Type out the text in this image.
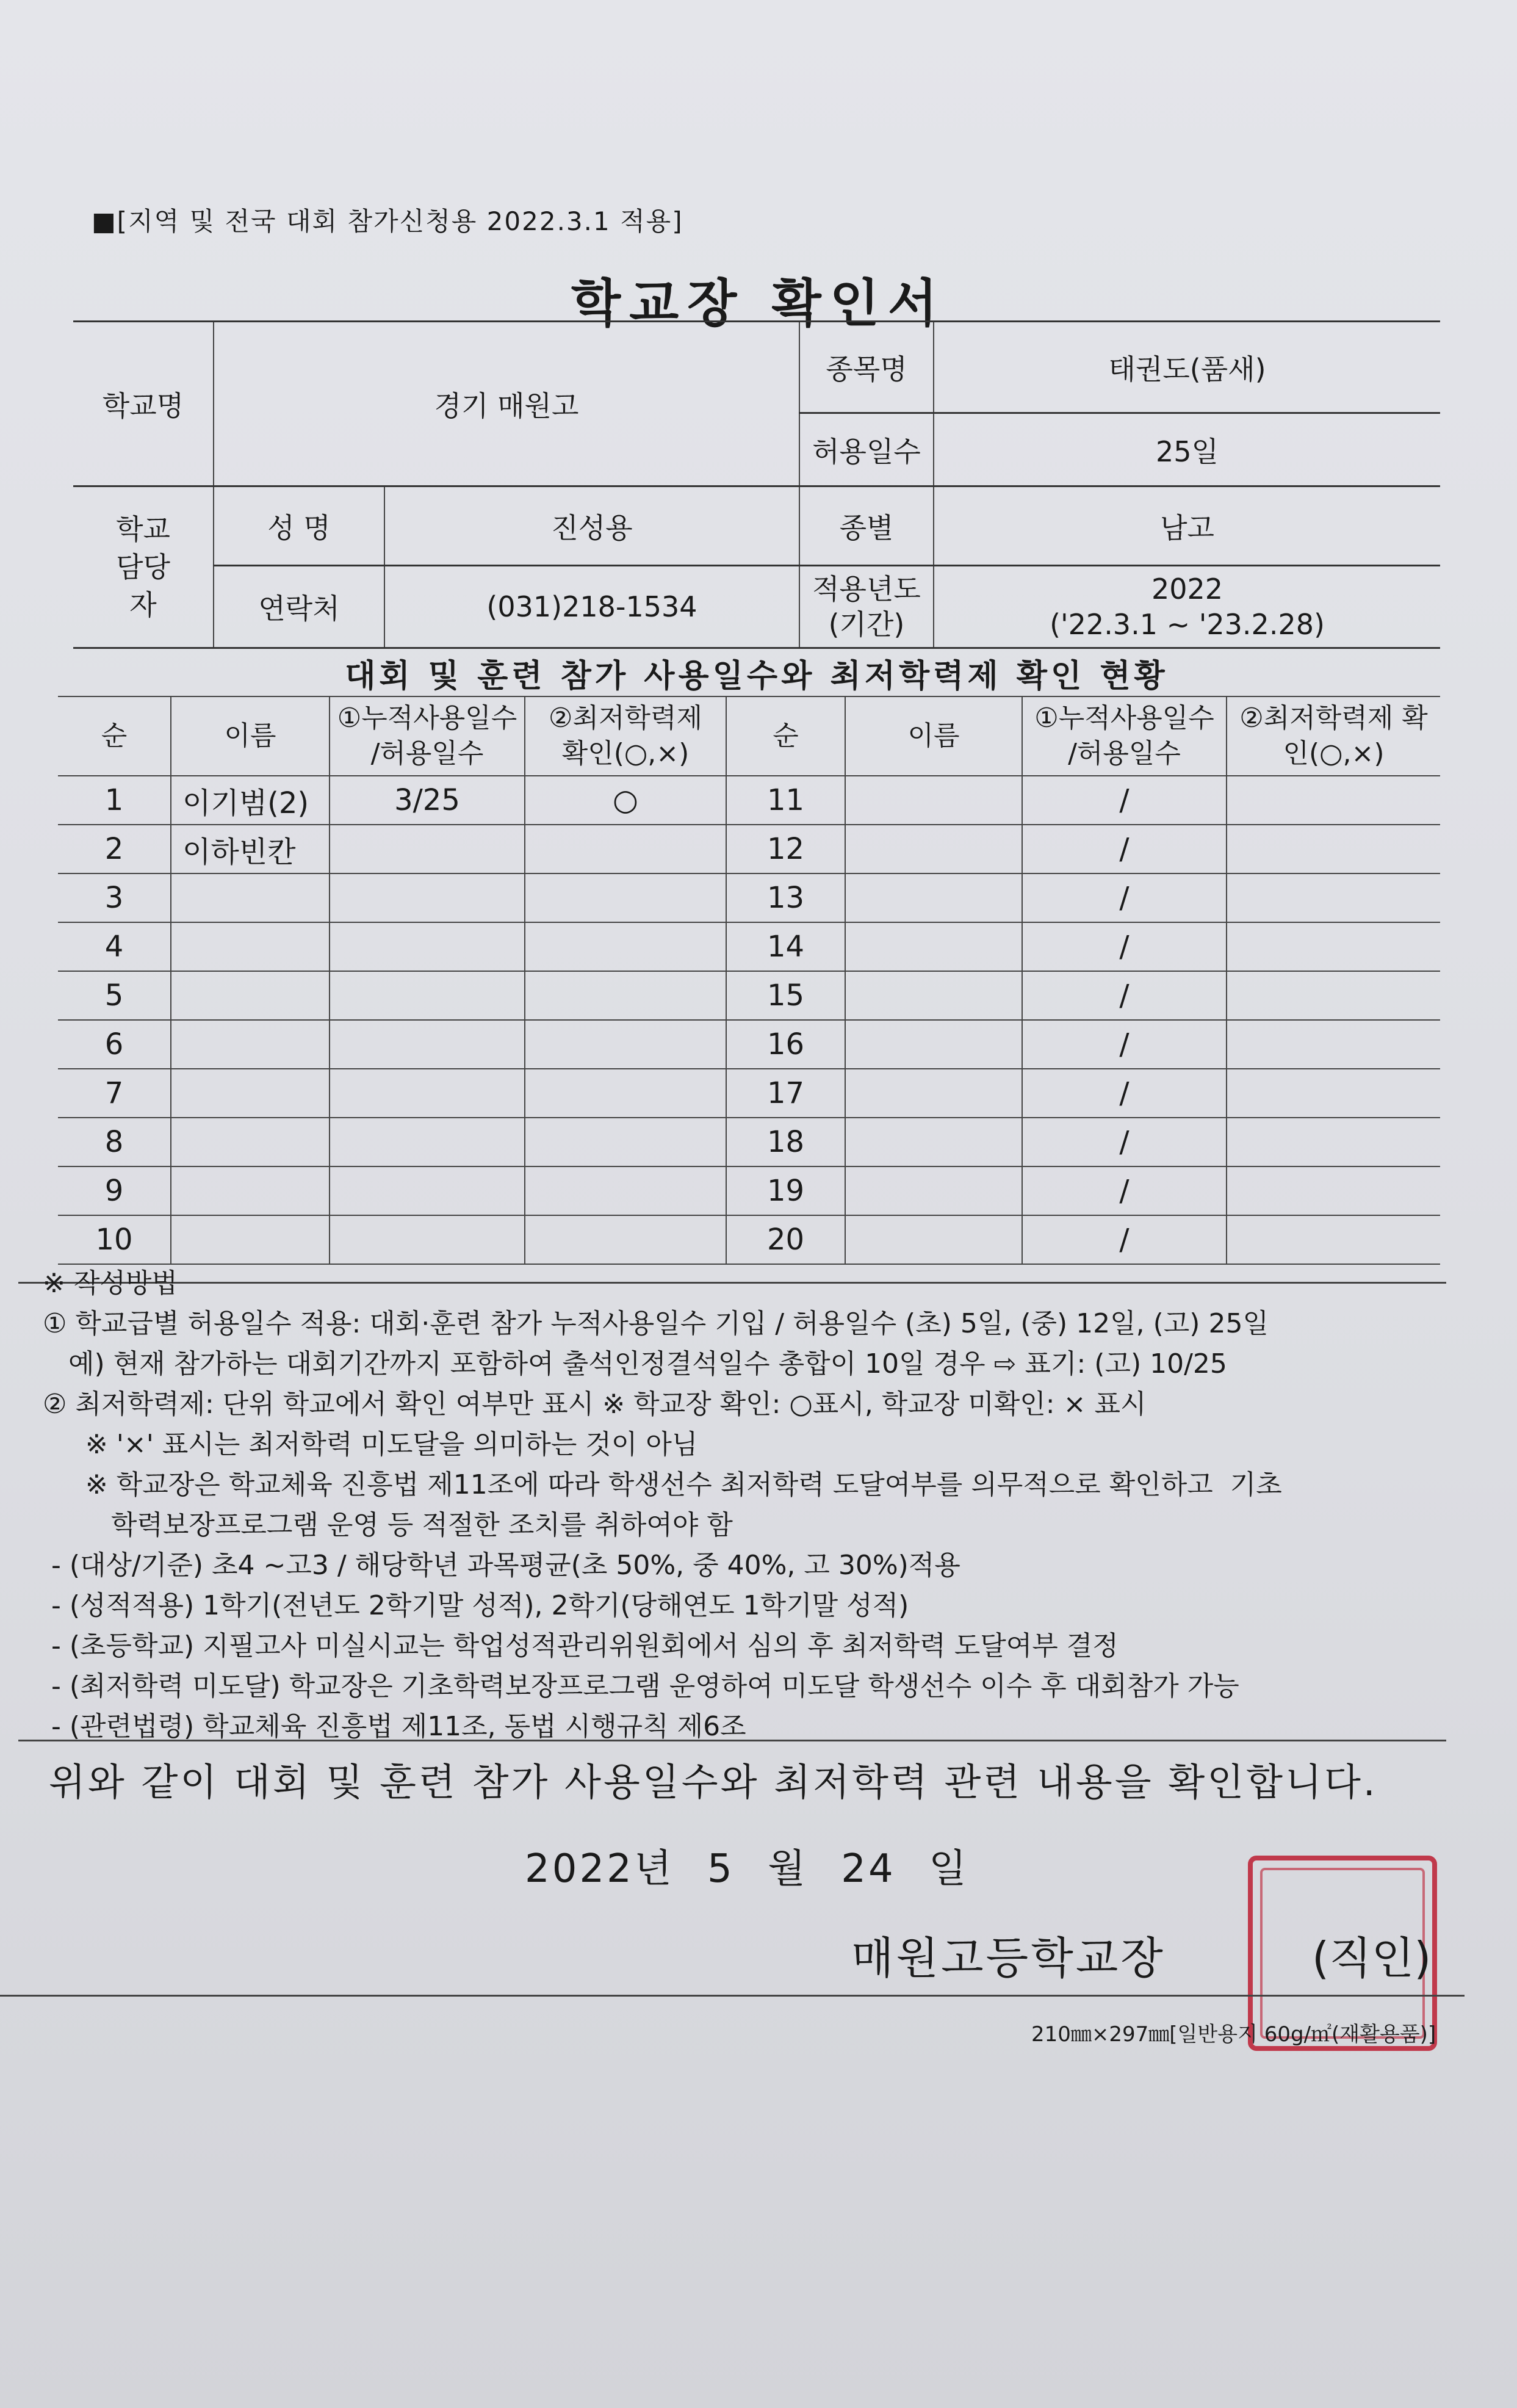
■[지역 및 전국 대회 참가신청용 2022.3.1 적용]
학교장 확인서
학교명	경기 매원고		종목명	태권도(품새)
			허용일수	25일
학교 담당자	성 명	진성용	종별	남고
	연락처	(031)218-1534	적용년도 (기간)	2022
('22.3.1 ~ '23.2.28)
대회 및 훈련 참가 사용일수와 최저학력제 확인 현황
순	이름	①누적사용일수 /허용일수	②최저학력제 확인(○,×)	순	이름	①누적사용일수 /허용일수	②최저학력제 확인(○,×)
1	이기범(2)	3/25	○	11		/	
2	이하빈칸			12		/	
3				13		/	
4				14		/	
5				15		/	
6				16		/	
7				17		/	
8				18		/	
9				19		/	
10				20		/	
※ 작성방법
① 학교급별 허용일수 적용: 대회·훈련 참가 누적사용일수 기입 / 허용일수 (초) 5일, (중) 12일, (고) 25일
예) 현재 참가하는 대회기간까지 포함하여 출석인정결석일수 총합이 10일 경우 ⇨ 표기: (고) 10/25
② 최저학력제: 단위 학교에서 확인 여부만 표시 ※ 학교장 확인: ○표시, 학교장 미확인: × 표시
※ '×' 표시는 최저학력 미도달을 의미하는 것이 아님
※ 학교장은 학교체육 진흥법 제11조에 따라 학생선수 최저학력 도달여부를 의무적으로 확인하고  기초
학력보장프로그램 운영 등 적절한 조치를 취하여야 함
- (대상/기준) 초4 ~고3 / 해당학년 과목평균(초 50%, 중 40%, 고 30%)적용
- (성적적용) 1학기(전년도 2학기말 성적), 2학기(당해연도 1학기말 성적)
- (초등학교) 지필고사 미실시교는 학업성적관리위원회에서 심의 후 최저학력 도달여부 결정
- (최저학력 미도달) 학교장은 기초학력보장프로그램 운영하여 미도달 학생선수 이수 후 대회참가 가능
- (관련법령) 학교체육 진흥법 제11조, 동법 시행규칙 제6조
위와 같이 대회 및 훈련 참가 사용일수와 최저학력 관련 내용을 확인합니다.
2022년 5 월 24 일
매원고등학교장	(직인)
210㎜×297㎜[일반용지 60g/㎡(재활용품)]
